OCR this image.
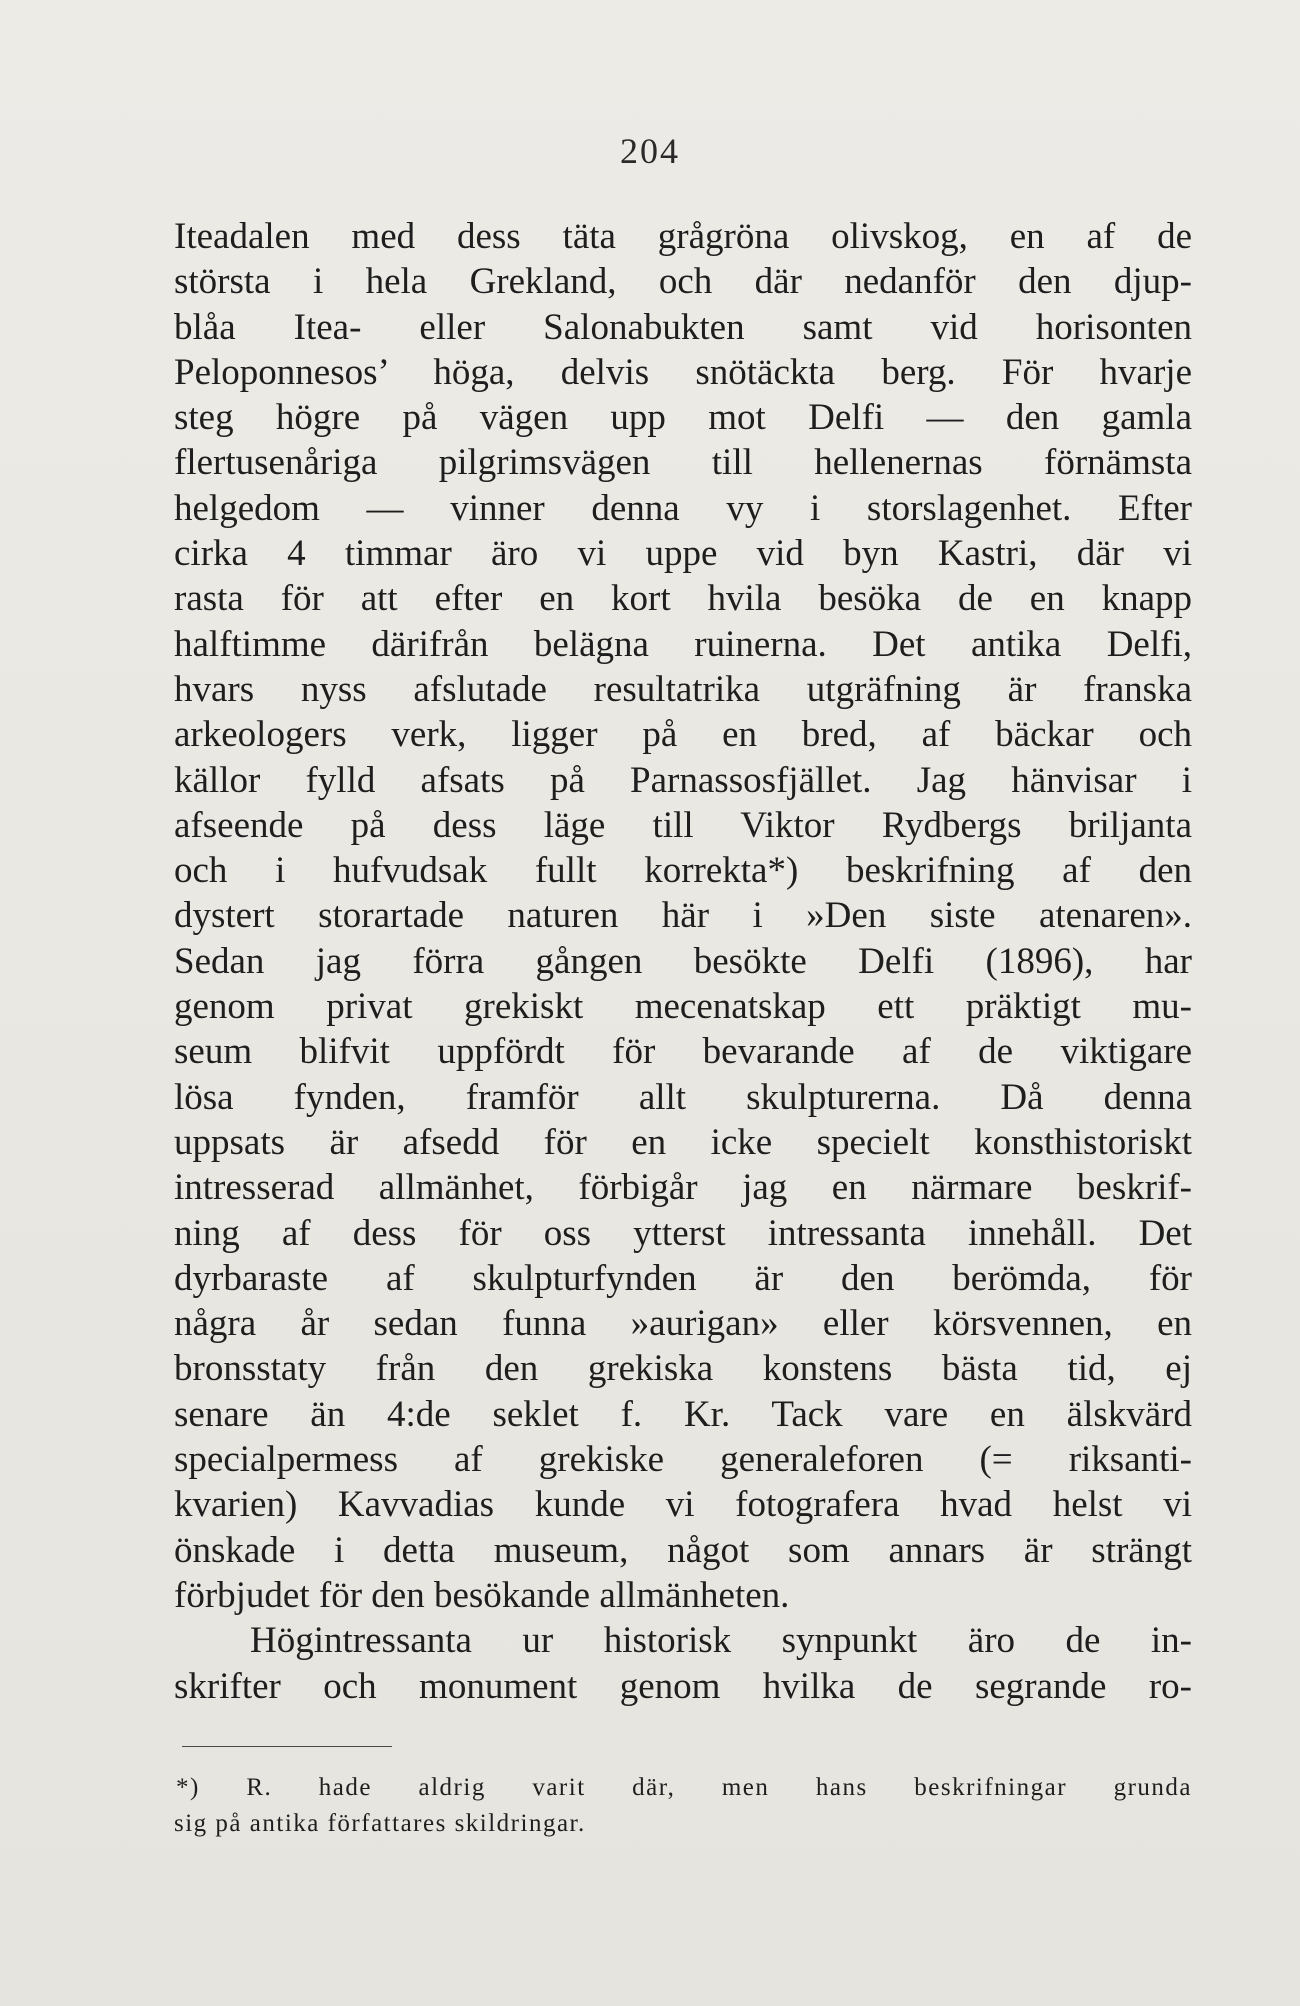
204
Iteadalen med dess täta grågröna olivskog, en af de
största i hela Grekland, och där nedanför den djup-
blåa Itea- eller Salonabukten samt vid horisonten
Peloponnesos’ höga, delvis snötäckta berg. För hvarje
steg högre på vägen upp mot Delfi — den gamla
flertusenåriga pilgrimsvägen till hellenernas förnämsta
helgedom — vinner denna vy i storslagenhet. Efter
cirka 4 timmar äro vi uppe vid byn Kastri, där vi
rasta för att efter en kort hvila besöka de en knapp
halftimme därifrån belägna ruinerna. Det antika Delfi,
hvars nyss afslutade resultatrika utgräfning är franska
arkeologers verk, ligger på en bred, af bäckar och
källor fylld afsats på Parnassosfjället. Jag hänvisar i
afseende på dess läge till Viktor Rydbergs briljanta
och i hufvudsak fullt korrekta*) beskrifning af den
dystert storartade naturen här i »Den siste atenaren».
Sedan jag förra gången besökte Delfi (1896), har
genom privat grekiskt mecenatskap ett präktigt mu-
seum blifvit uppfördt för bevarande af de viktigare
lösa fynden, framför allt skulpturerna. Då denna
uppsats är afsedd för en icke specielt konsthistoriskt
intresserad allmänhet, förbigår jag en närmare beskrif-
ning af dess för oss ytterst intressanta innehåll. Det
dyrbaraste af skulpturfynden är den berömda, för
några år sedan funna »aurigan» eller körsvennen, en
bronsstaty från den grekiska konstens bästa tid, ej
senare än 4:de seklet f. Kr. Tack vare en älskvärd
specialpermess af grekiske generaleforen (= riksanti-
kvarien) Kavvadias kunde vi fotografera hvad helst vi
önskade i detta museum, något som annars är strängt
förbjudet för den besökande allmänheten.
Högintressanta ur historisk synpunkt äro de in-
skrifter och monument genom hvilka de segrande ro-
*) R. hade aldrig varit där, men hans beskrifningar grunda
sig på antika författares skildringar.
